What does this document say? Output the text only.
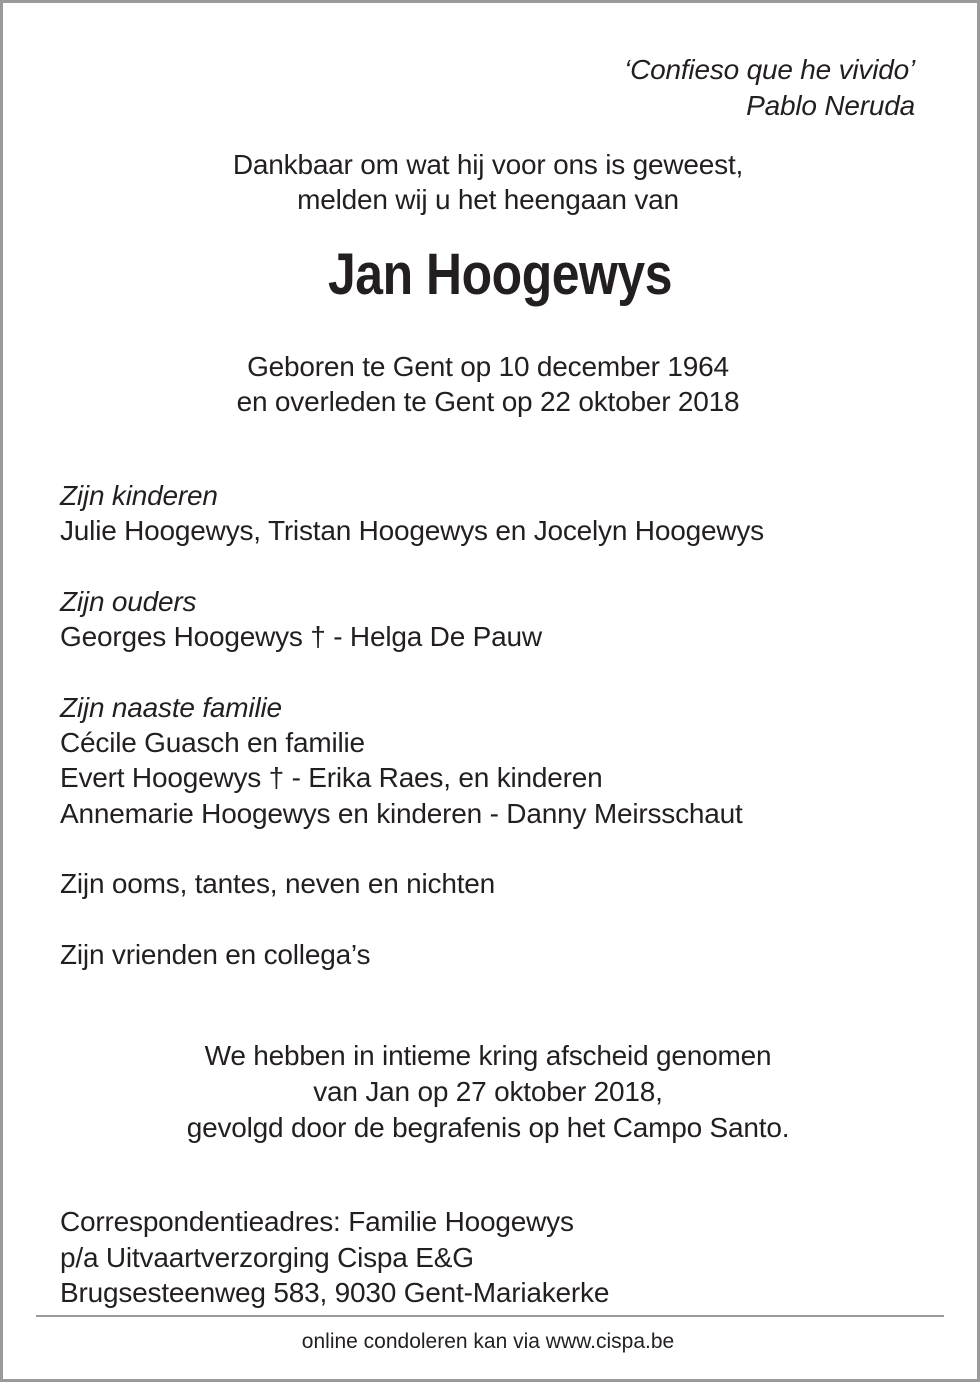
‘Confieso que he vivido’
Pablo Neruda
Dankbaar om wat hij voor ons is geweest,
melden wij u het heengaan van
Jan Hoogewys
Geboren te Gent op 10 december 1964
en overleden te Gent op 22 oktober 2018
Zijn kinderen
Julie Hoogewys, Tristan Hoogewys en Jocelyn Hoogewys
Zijn ouders
Georges Hoogewys † - Helga De Pauw
Zijn naaste familie
Cécile Guasch en familie
Evert Hoogewys † - Erika Raes, en kinderen
Annemarie Hoogewys en kinderen - Danny Meirsschaut
Zijn ooms, tantes, neven en nichten
Zijn vrienden en collega’s
We hebben in intieme kring afscheid genomen
van Jan op 27 oktober 2018,
gevolgd door de begrafenis op het Campo Santo.
Correspondentieadres: Familie Hoogewys
p/a Uitvaartverzorging Cispa E&G
Brugsesteenweg 583, 9030 Gent-Mariakerke
online condoleren kan via www.cispa.be
